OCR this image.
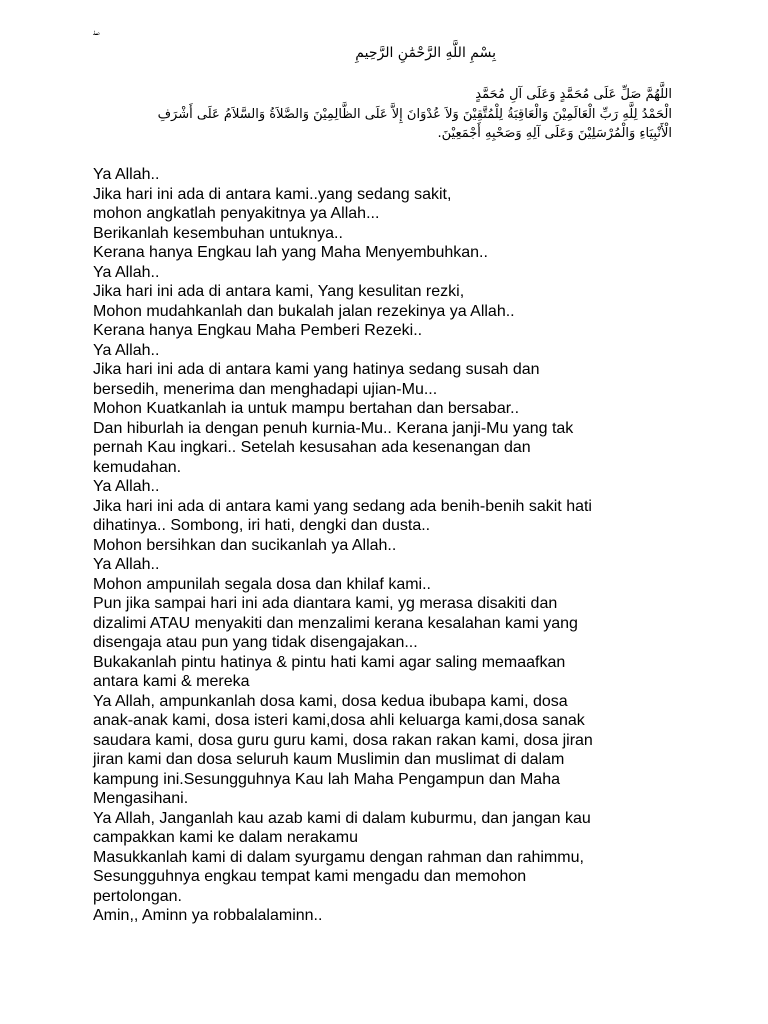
بِسْمِ اللَّهِ الرَّحْمَٰنِ الرَّحِيمِ
اللَّهُمَّ صَلِّ عَلَى مُحَمَّدٍ وَعَلَى آلِ مُحَمَّدٍ
الْحَمْدُ لِلَّهِ رَبِّ الْعَالَمِيْنَ وَالْعَاقِبَةُ لِلْمُتَّقِيْنَ وَلاَ عُدْوَانَ إِلاَّ عَلَى الظَّالِمِيْنَ وَالصَّلاَةُ وَالسَّلاَمُ عَلَى أَشْرَفِ
الْأَنْبِيَاءِ وَالْمُرْسَلِيْنَ وَعَلَى آلِهِ وَصَحْبِهِ أَجْمَعِيْنَ.
Ya Allah..
Jika hari ini ada di antara kami..yang sedang sakit,
mohon angkatlah penyakitnya ya Allah...
Berikanlah kesembuhan untuknya..
Kerana hanya Engkau lah yang Maha Menyembuhkan..
Ya Allah..
Jika hari ini ada di antara kami, Yang kesulitan rezki,
Mohon mudahkanlah dan bukalah jalan rezekinya ya Allah..
Kerana hanya Engkau Maha Pemberi Rezeki..
Ya Allah..
Jika hari ini ada di antara kami yang hatinya sedang susah dan
bersedih, menerima dan menghadapi ujian-Mu...
Mohon Kuatkanlah ia untuk mampu bertahan dan bersabar..
Dan hiburlah ia dengan penuh kurnia-Mu.. Kerana janji-Mu yang tak
pernah Kau ingkari.. Setelah kesusahan ada kesenangan dan
kemudahan.
Ya Allah..
Jika hari ini ada di antara kami yang sedang ada benih-benih sakit hati
dihatinya.. Sombong, iri hati, dengki dan dusta..
Mohon bersihkan dan sucikanlah ya Allah..
Ya Allah..
Mohon ampunilah segala dosa dan khilaf kami..
Pun jika sampai hari ini ada diantara kami, yg merasa disakiti dan
dizalimi ATAU menyakiti dan menzalimi kerana kesalahan kami yang
disengaja atau pun yang tidak disengajakan...
Bukakanlah pintu hatinya & pintu hati kami agar saling memaafkan
antara kami & mereka
Ya Allah, ampunkanlah dosa kami, dosa kedua ibubapa kami, dosa
anak-anak kami, dosa isteri kami,dosa ahli keluarga kami,dosa sanak
saudara kami, dosa guru guru kami, dosa rakan rakan kami, dosa jiran
jiran kami dan dosa seluruh kaum Muslimin dan muslimat di dalam
kampung ini.Sesungguhnya Kau lah Maha Pengampun dan Maha
Mengasihani.
Ya Allah, Janganlah kau azab kami di dalam kuburmu, dan jangan kau
campakkan kami ke dalam nerakamu
Masukkanlah kami di dalam syurgamu dengan rahman dan rahimmu,
Sesungguhnya engkau tempat kami mengadu dan memohon
pertolongan.
Amin,, Aminn ya robbalalaminn..
